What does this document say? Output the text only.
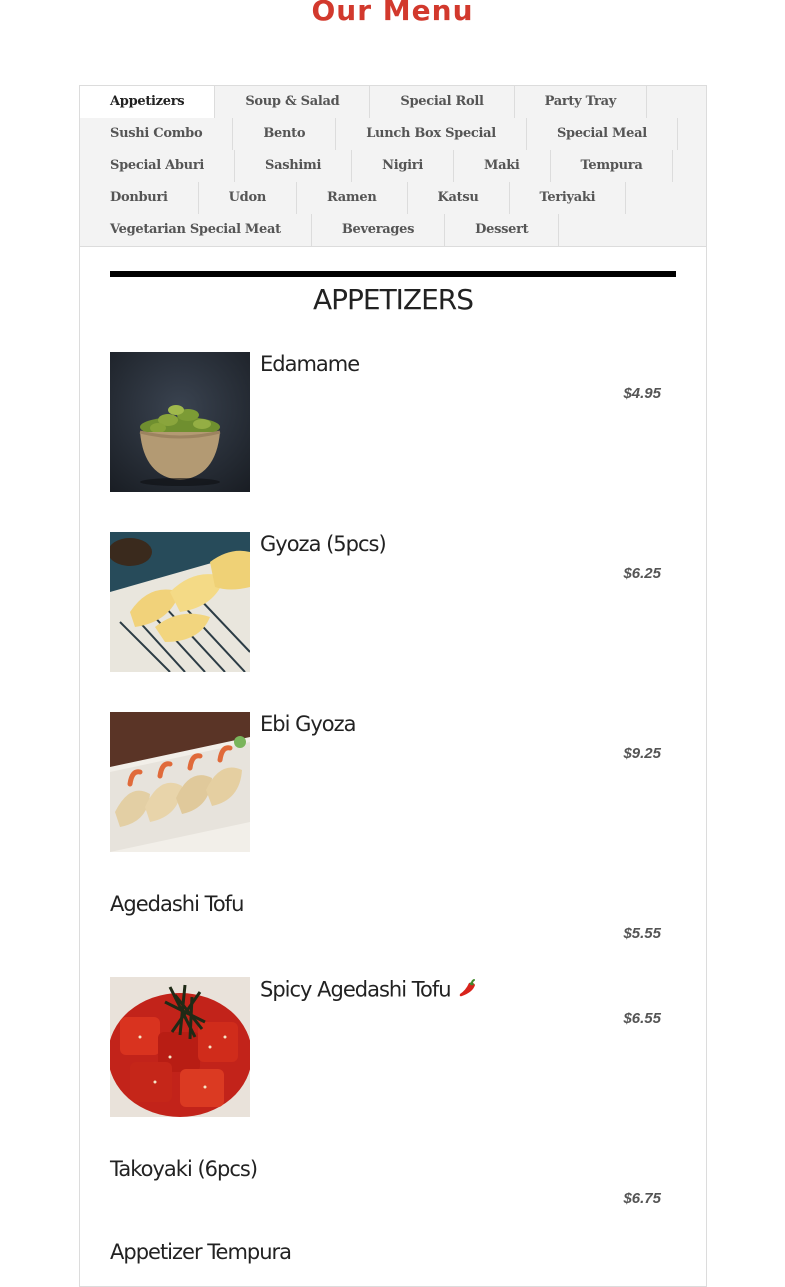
Our Menu
Appetizers	Soup & Salad	Special Roll	Party Tray
Sushi Combo	Bento	Lunch Box Special	Special Meal
Special Aburi	Sashimi	Nigiri	Maki	Tempura
Donburi	Udon	Ramen	Katsu	Teriyaki
Vegetarian Special Meat	Beverages	Dessert
APPETIZERS
Edamame
$4.95
Gyoza (5pcs)
$6.25
Ebi Gyoza
$9.25
Agedashi Tofu
$5.55
Spicy Agedashi Tofu
$6.55
Takoyaki (6pcs)
$6.75
Appetizer Tempura
